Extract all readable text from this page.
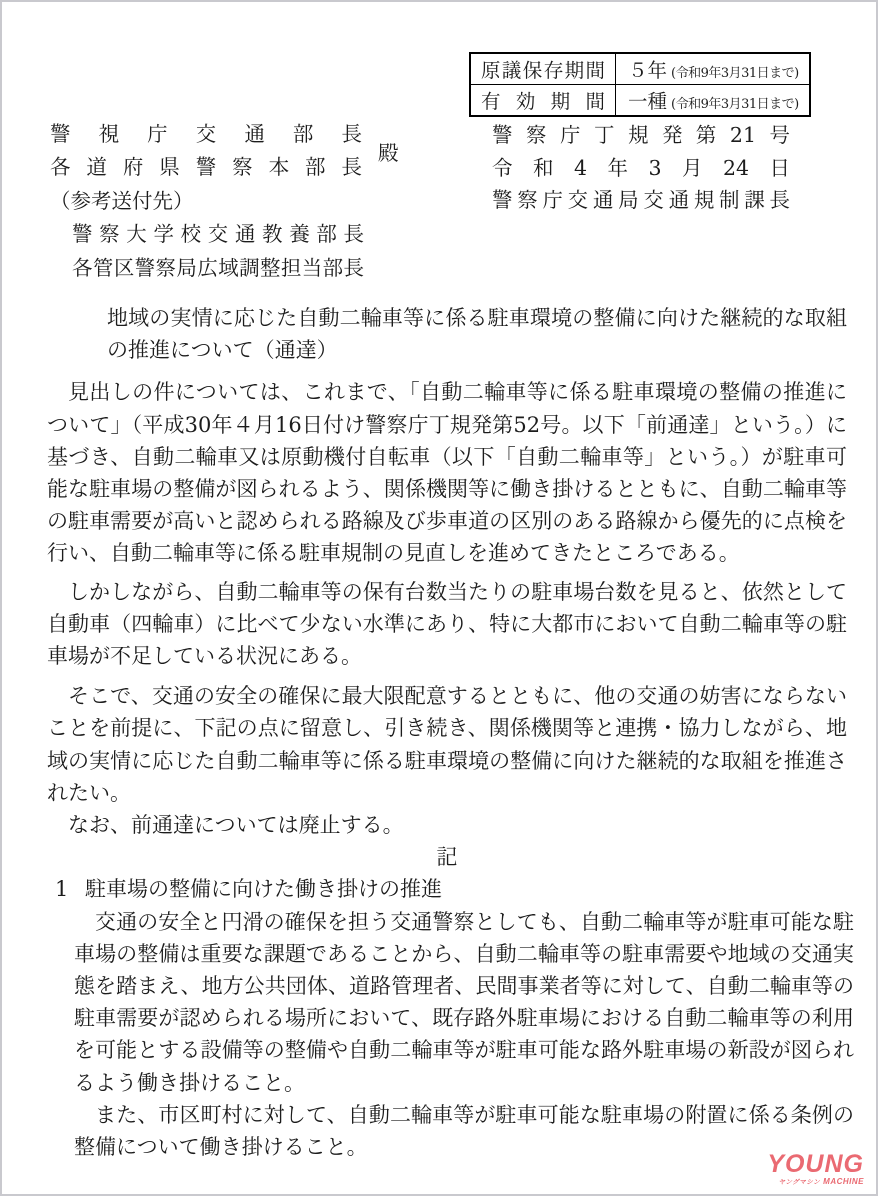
原議保存期間	５年 (令和9年3月31日まで)

有効期間	一種 (令和9年3月31日まで)
警察庁丁規発第21号
令和4年3月24日
警察庁交通局交通規制課長
警視庁交通部長
各道府県警察本部長
殿
（参考送付先）
警察大学校交通教養部長
各管区警察局広域調整担当部長

地域の実情に応じた自動二輪車等に係る駐車環境の整備に向けた継続的な取組の推進について（通達）

見出しの件については、これまで、「自動二輪車等に係る駐車環境の整備の推進について」（平成30年４月16日付け警察庁丁規発第52号。以下「前通達」という。）に基づき、自動二輪車又は原動機付自転車（以下「自動二輪車等」という。）が駐車可能な駐車場の整備が図られるよう、関係機関等に働き掛けるとともに、自動二輪車等の駐車需要が高いと認められる路線及び歩車道の区別のある路線から優先的に点検を行い、自動二輪車等に係る駐車規制の見直しを進めてきたところである。

しかしながら、自動二輪車等の保有台数当たりの駐車場台数を見ると、依然として自動車（四輪車）に比べて少ない水準にあり、特に大都市において自動二輪車等の駐車場が不足している状況にある。

そこで、交通の安全の確保に最大限配意するとともに、他の交通の妨害にならないことを前提に、下記の点に留意し、引き続き、関係機関等と連携・協力しながら、地域の実情に応じた自動二輪車等に係る駐車環境の整備に向けた継続的な取組を推進されたい。

なお、前通達については廃止する。

記

1 駐車場の整備に向けた働き掛けの推進

交通の安全と円滑の確保を担う交通警察としても、自動二輪車等が駐車可能な駐車場の整備は重要な課題であることから、自動二輪車等の駐車需要や地域の交通実態を踏まえ、地方公共団体、道路管理者、民間事業者等に対して、自動二輪車等の駐車需要が認められる場所において、既存路外駐車場における自動二輪車等の利用を可能とする設備等の整備や自動二輪車等が駐車可能な路外駐車場の新設が図られるよう働き掛けること。

また、市区町村に対して、自動二輪車等が駐車可能な駐車場の附置に係る条例の整備について働き掛けること。

YOUNG
ヤングマシン MACHINE
